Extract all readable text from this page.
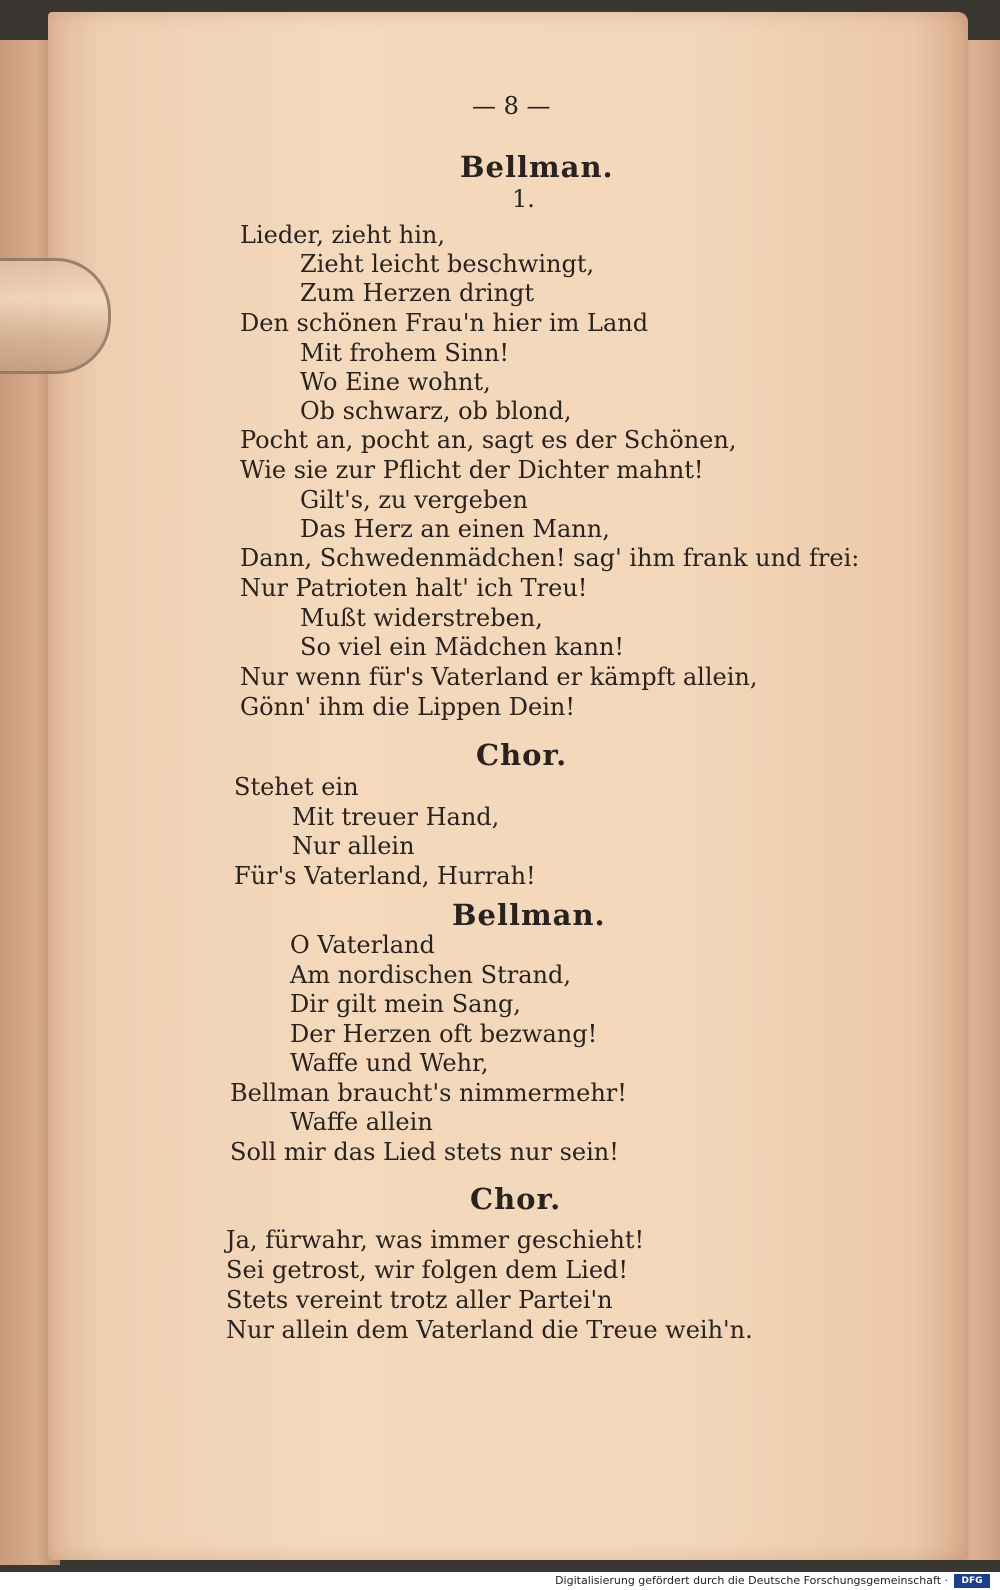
— 8 —
Bellman.
1.
Lieder, zieht hin,
Zieht leicht beschwingt,
Zum Herzen dringt
Den schönen Frau'n hier im Land
Mit frohem Sinn!
Wo Eine wohnt,
Ob schwarz, ob blond,
Pocht an, pocht an, sagt es der Schönen,
Wie sie zur Pflicht der Dichter mahnt!
Gilt's, zu vergeben
Das Herz an einen Mann,
Dann, Schwedenmädchen! sag' ihm frank und frei:
Nur Patrioten halt' ich Treu!
Mußt widerstreben,
So viel ein Mädchen kann!
Nur wenn für's Vaterland er kämpft allein,
Gönn' ihm die Lippen Dein!
Chor.
Stehet ein
Mit treuer Hand,
Nur allein
Für's Vaterland, Hurrah!
Bellman.
O Vaterland
Am nordischen Strand,
Dir gilt mein Sang,
Der Herzen oft bezwang!
Waffe und Wehr,
Bellman braucht's nimmermehr!
Waffe allein
Soll mir das Lied stets nur sein!
Chor.
Ja, fürwahr, was immer geschieht!
Sei getrost, wir folgen dem Lied!
Stets vereint trotz aller Partei'n
Nur allein dem Vaterland die Treue weih'n.
Digitalisierung gefördert durch die Deutsche Forschungsgemeinschaft ·	DFG
